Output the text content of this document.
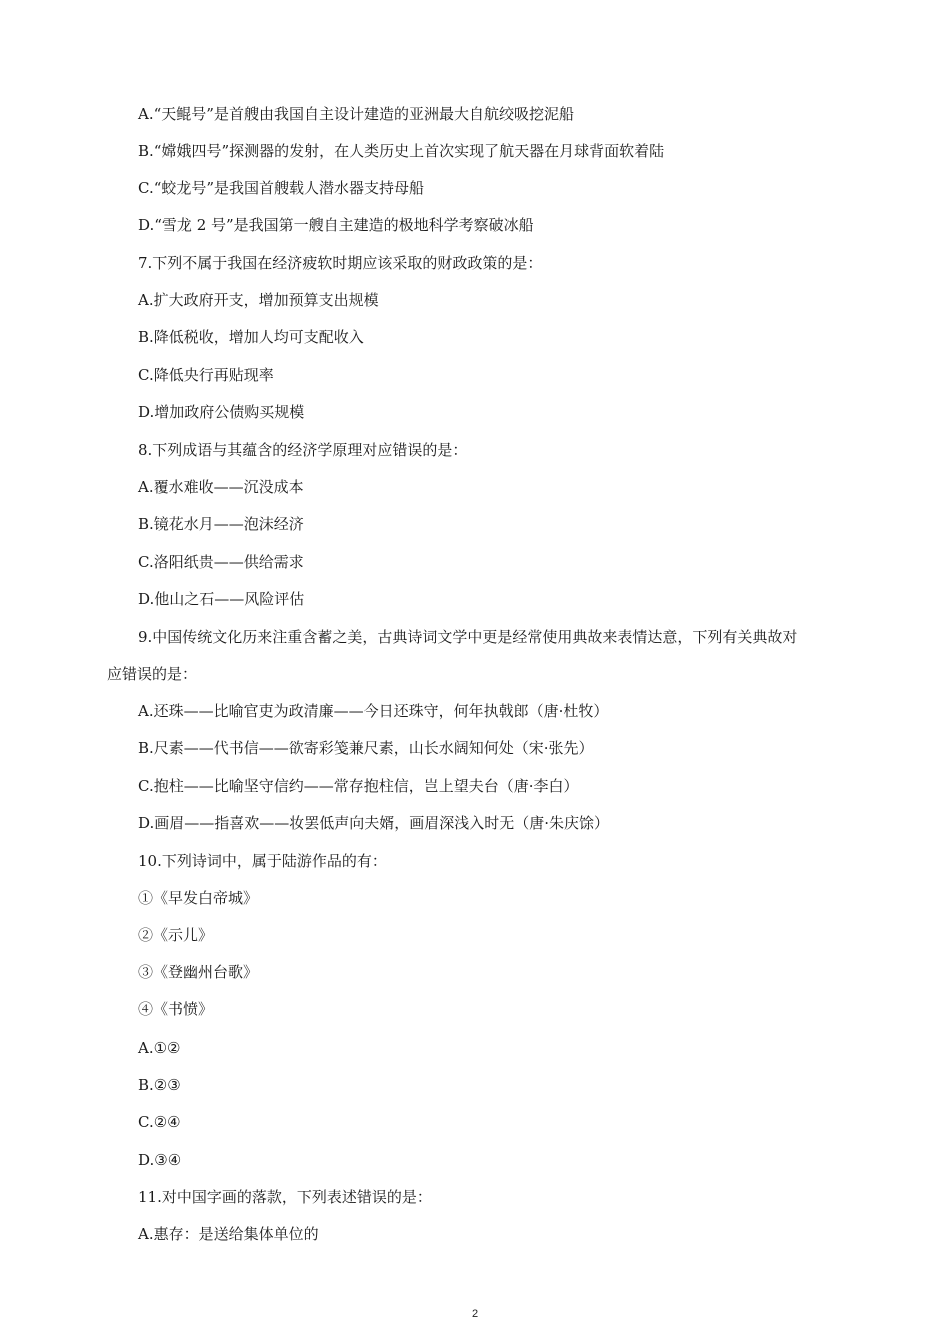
A.“天鲲号”是首艘由我国自主设计建造的亚洲最大自航绞吸挖泥船
B.“嫦娥四号”探测器的发射，在人类历史上首次实现了航天器在月球背面软着陆
C.“蛟龙号”是我国首艘载人潜水器支持母船
D.“雪龙 2 号”是我国第一艘自主建造的极地科学考察破冰船
7.下列不属于我国在经济疲软时期应该采取的财政政策的是：
A.扩大政府开支，增加预算支出规模
B.降低税收，增加人均可支配收入
C.降低央行再贴现率
D.增加政府公债购买规模
8.下列成语与其蕴含的经济学原理对应错误的是：
A.覆水难收——沉没成本
B.镜花水月——泡沫经济
C.洛阳纸贵——供给需求
D.他山之石——风险评估
9.中国传统文化历来注重含蓄之美，古典诗词文学中更是经常使用典故来表情达意，下列有关典故对
应错误的是：
A.还珠——比喻官吏为政清廉——今日还珠守，何年执戟郎（唐·杜牧）
B.尺素——代书信——欲寄彩笺兼尺素，山长水阔知何处（宋·张先）
C.抱柱——比喻坚守信约——常存抱柱信，岂上望夫台（唐·李白）
D.画眉——指喜欢——妆罢低声向夫婿，画眉深浅入时无（唐·朱庆馀）
10.下列诗词中，属于陆游作品的有：
①《早发白帝城》
②《示儿》
③《登幽州台歌》
④《书愤》
A.①②
B.②③
C.②④
D.③④
11.对中国字画的落款，下列表述错误的是：
A.惠存：是送给集体单位的
2
